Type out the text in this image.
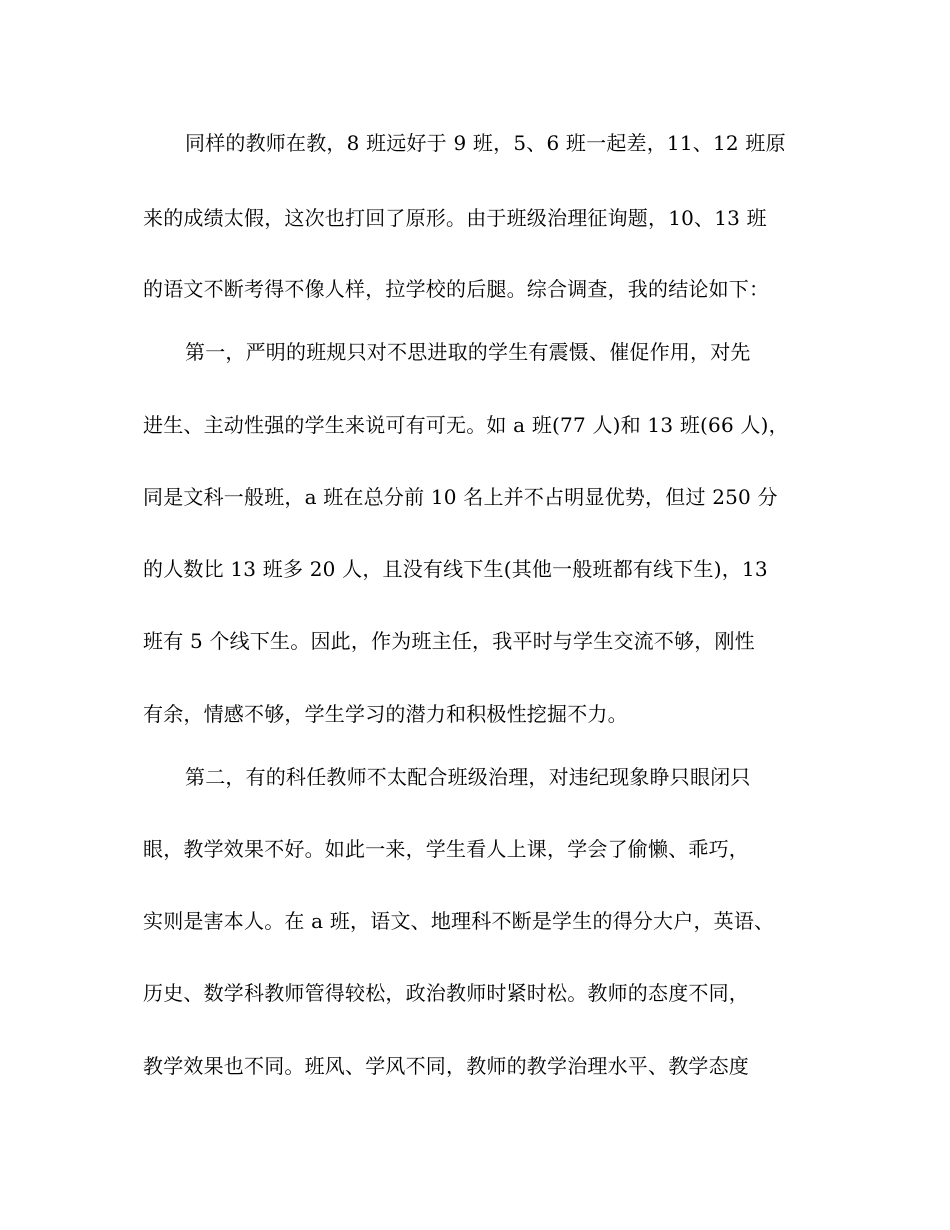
同样的教师在教，8 班远好于 9 班，5、6 班一起差，11、12 班原
来的成绩太假，这次也打回了原形。由于班级治理征询题，10、13 班
的语文不断考得不像人样，拉学校的后腿。综合调查，我的结论如下：
第一，严明的班规只对不思进取的学生有震慑、催促作用，对先
进生、主动性强的学生来说可有可无。如 a 班(77 人)和 13 班(66 人)，
同是文科一般班，a 班在总分前 10 名上并不占明显优势，但过 250 分
的人数比 13 班多 20 人，且没有线下生(其他一般班都有线下生)，13
班有 5 个线下生。因此，作为班主任，我平时与学生交流不够，刚性
有余，情感不够，学生学习的潜力和积极性挖掘不力。
第二，有的科任教师不太配合班级治理，对违纪现象睁只眼闭只
眼，教学效果不好。如此一来，学生看人上课，学会了偷懒、乖巧，
实则是害本人。在 a 班，语文、地理科不断是学生的得分大户，英语、
历史、数学科教师管得较松，政治教师时紧时松。教师的态度不同，
教学效果也不同。班风、学风不同，教师的教学治理水平、教学态度
